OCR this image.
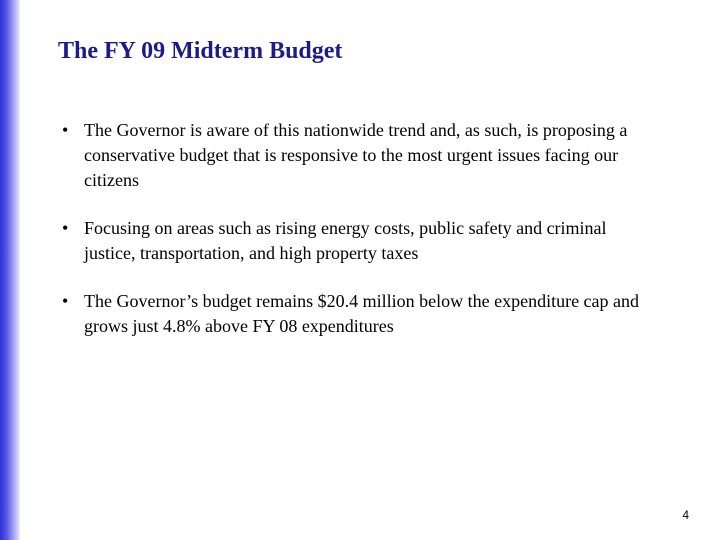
The FY 09 Midterm Budget
• The Governor is aware of this nationwide trend and, as such, is proposing a conservative budget that is responsive to the most urgent issues facing our citizens
• Focusing on areas such as rising energy costs, public safety and criminal justice, transportation, and high property taxes
• The Governor’s budget remains $20.4 million below the expenditure cap and grows just 4.8% above FY 08 expenditures
4
